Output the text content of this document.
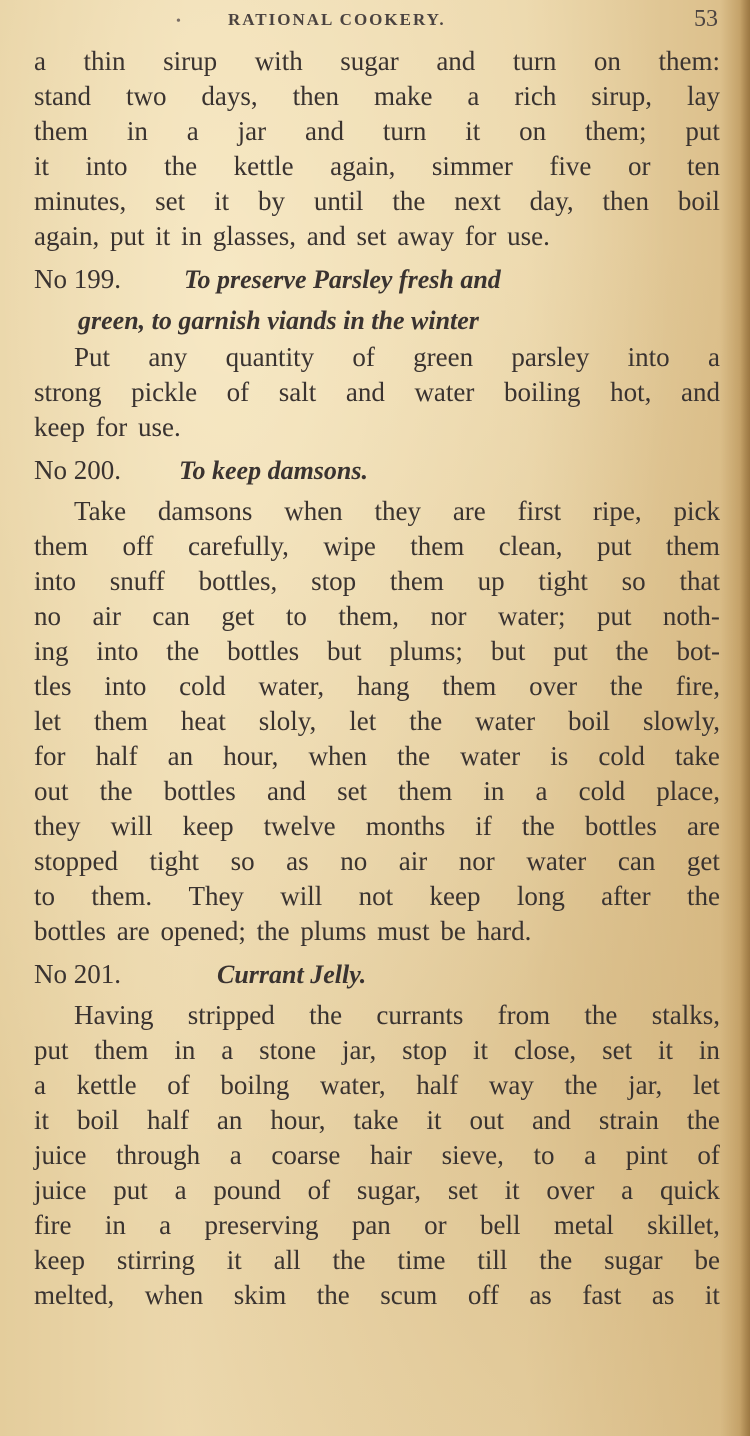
•	RATIONAL COOKERY.	53
a thin sirup with sugar and turn on them:
stand two days, then make a rich sirup, lay
them in a jar and turn it on them; put
it into the kettle again, simmer five or ten
minutes, set it by until the next day, then boil
again, put it in glasses, and set away for use.
No 199.	To preserve Parsley fresh and
green, to garnish viands in the winter
Put any quantity of green parsley into a
strong pickle of salt and water boiling hot, and
keep for use.
No 200. To keep damsons.
Take damsons when they are first ripe, pick
them off carefully, wipe them clean, put them
into snuff bottles, stop them up tight so that
no air can get to them, nor water; put noth-
ing into the bottles but plums; but put the bot-
tles into cold water, hang them over the fire,
let them heat sloly, let the water boil slowly,
for half an hour, when the water is cold take
out the bottles and set them in a cold place,
they will keep twelve months if the bottles are
stopped tight so as no air nor water can get
to them. They will not keep long after the
bottles are opened; the plums must be hard.
No 201.	Currant Jelly.
Having stripped the currants from the stalks,
put them in a stone jar, stop it close, set it in
a kettle of boilng water, half way the jar, let
it boil half an hour, take it out and strain the
juice through a coarse hair sieve, to a pint of
juice put a pound of sugar, set it over a quick
fire in a preserving pan or bell metal skillet,
keep stirring it all the time till the sugar be
melted, when skim the scum off as fast as it
